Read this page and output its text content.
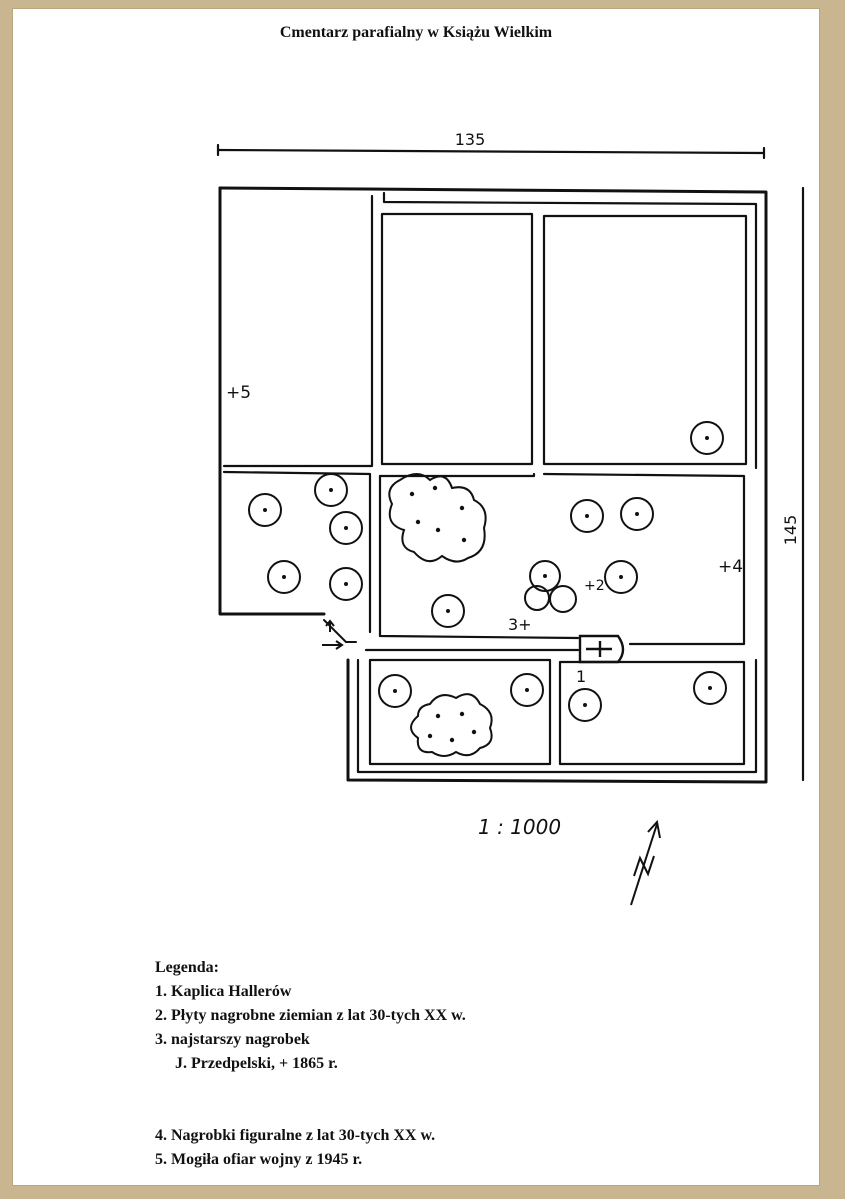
Cmentarz parafialny w Książu Wielkim
135
145
+5
+4
+2
3+
1
1 : 1000
Legenda:
1. Kaplica Hallerów
2. Płyty nagrobne ziemian z lat 30-tych XX w.
3. najstarszy nagrobek
J. Przedpelski, + 1865 r.
4. Nagrobki figuralne z lat 30-tych XX w.
5. Mogiła ofiar wojny z 1945 r.
